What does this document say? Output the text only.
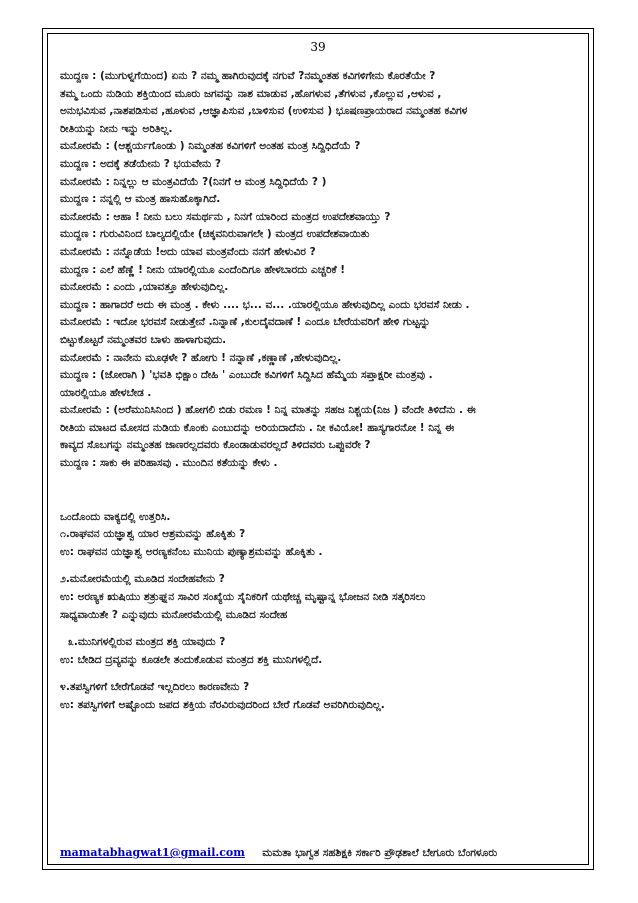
39
ಮುದ್ದಣ : (ಮುಗುಳ್ನಗೆಯಿಂದ) ಏನು ? ನಮ್ಮ ಹಾಗಿರುವುದಕ್ಕೆ ನಗುವೆ ?ನಮ್ಮಂತಹ ಕವಿಗಳಿಗೇನು ಕೊರತೆಯೇ ?
ತಮ್ಮ ಒಂದು ನುಡಿಯ ಶಕ್ತಿಯಿಂದ ಮೂರು ಜಗವನ್ನು ನಾಶ ಮಾಡುವ ,ಹೊಗಳುವ ,ತೆಗಳುವ ,ಕೊಲ್ಲುವ ,ಆಳುವ ,
ಅನುಭವಿಸುವ ,ನಾಶಪಡಿಸುವ ,ಹೂಳುವ ,ಆಜ್ಞಾಪಿಸುವ ,ಬಾಳಿಸುವ (ಉಳಿಸುವ ) ಭೂಷಣಪ್ರಾಯರಾದ ನಮ್ಮಂತಹ ಕವಿಗಳ
ರೀತಿಯನ್ನು ನೀನು ಇನ್ನು ಅರಿತಿಲ್ಲ.
ಮನೋರಮೆ : (ಆಶ್ಚರ್ಯಗೊಂಡು ) ನಿಮ್ಮಂತಹ ಕವಿಗಳಿಗೆ ಅಂತಹ ಮಂತ್ರ ಸಿದ್ದಿಧಿದೆಯೆ ?
ಮುದ್ದಣ : ಅದಕ್ಕೆ ತಡೆಯೇನು ? ಭಯವೇನು ?
ಮನೋರಮೆ : ನಿನ್ನಲ್ಲು ಆ ಮಂತ್ರವಿದೆಯೆ ?(ನಿನಗೆ ಆ ಮಂತ್ರ ಸಿದ್ದಿಧಿದೆಯೆ ? )
ಮುದ್ದಣ : ನನ್ನಲ್ಲಿ ಆ ಮಂತ್ರ ಹಾಸುಹೊಕ್ಕಾಗಿದೆ.
ಮನೋರಮೆ : ಆಹಾ ! ನೀನು ಬಲು ಸಮರ್ಥನು , ನಿನಗೆ ಯಾರಿಂದ ಮಂತ್ರದ ಉಪದೇಶವಾಯ್ತು ?
ಮುದ್ದಣ : ಗುರುವಿನಿಂದ ಬಾಲ್ಯದಲ್ಲಿಯೇ (ಚಿಕ್ಕವನಿರುವಾಗಲೇ ) ಮಂತ್ರದ ಉಪದೇಶವಾಯಿತು
ಮನೋರಮೆ : ನನ್ನೊಡೆಯ !ಅದು ಯಾವ ಮಂತ್ರವೆಂದು ನನಗೆ ಹೇಳುವಿರ ?
ಮುದ್ದಣ : ಎಲೆ ಹೆಣ್ಣೆ ! ನೀನು ಯಾರಲ್ಲಿಯೂ ಎಂದೆಂದಿಗೂ ಹೇಳಬಾರದು ಎಚ್ಚರಿಕೆ !
ಮನೋರಮೆ : ಎಂದು ,ಯಾವತ್ತೂ ಹೇಳುವುದಿಲ್ಲ.
ಮುದ್ದಣ : ಹಾಗಾದರೆ ಅದು ಈ ಮಂತ್ರ . ಕೇಳು .... ಭ... ವ... .ಯಾರಲ್ಲಿಯೂ ಹೇಳುವುದಿಲ್ಲ ಎಂದು ಭರವಸೆ ನೀಡು .
ಮನೋರಮೆ : ಇದೋ ಭರವಸೆ ನೀಡುತ್ತೇನೆ .ನಿನ್ನಾಣೆ ,ಕುಲದೈವದಾಣೆ ! ಎಂದೂ ಬೇರೆಯವರಿಗೆ ಹೇಳಿ ಗುಟ್ಟನ್ನು
ಬಿಟ್ಟುಕೊಟ್ಟರೆ ನಮ್ಮಂತವರ ಬಾಳು ಹಾಳಾಗುವುದು.
ಮನೋರಮೆ : ನಾನೇನು ಮೂಢಳೇ ? ಹೋಗು ! ನನ್ನಾಣೆ ,ಕಣ್ಣಾಣೆ ,ಹೇಳುವುದಿಲ್ಲ.
ಮುದ್ದಣ : (ಜೋರಾಗಿ ) 'ಭವತಿ ಭಿಕ್ಷಾಂ ದೇಹಿ ' ಎಂಬುದೇ ಕವಿಗಳಿಗೆ ಸಿದ್ದಿಸಿದ ಹೆಮ್ಮೆಯ ಸಪ್ತಾಕ್ಷರೀ ಮಂತ್ರವು .
ಯಾರಲ್ಲಿಯೂ ಹೇಳಬೇಡ .
ಮನೋರಮೆ : (ಅರೆಮುನಿಸಿನಿಂದ ) ಹೋಗಲಿ ಬಿಡು ರಮಣ ! ನಿನ್ನ ಮಾತನ್ನು ಸಹಜ ನಿಶ್ಚಯ(ನಿಜ ) ವೆಂದೇ ತಿಳಿದೆನು . ಈ
ರೀತಿಯ ಮಾಟದ ಮೋಸದ ನುಡಿಯ ಕೊಂಕು ಎಂಬುದನ್ನು ಅರಿಯದಾದೆನು . ನೀ ಕವಿಯೋ! ಹಾಸ್ಯಗಾರನೋ ! ನಿನ್ನ ಈ
ಕಾವ್ಯದ ಸೊಬಗನ್ನು ನಮ್ಮಂತಹ ಜಾಣರಲ್ಲದವರು ಕೊಂಡಾಡುವರಲ್ಲದೆ ತಿಳಿದವರು ಒಪ್ಪುವರೇ ?
ಮುದ್ದಣ : ಸಾಕು ಈ ಪರಿಹಾಸವು . ಮುಂದಿನ ಕತೆಯನ್ನು ಕೇಳು .
ಒಂದೊಂದು ವಾಕ್ಯದಲ್ಲಿ ಉತ್ತರಿಸಿ.
೧.ರಾಘವನ ಯಜ್ಞಾಶ್ವ ಯಾರ ಆಶ್ರಮವನ್ನು ಹೊಕ್ಕಿತು ?
ಉ: ರಾಘವನ ಯಜ್ಞಾಶ್ವ ಅರಣ್ಯಕನೆಂಬ ಮುನಿಯ ಪುಣ್ಯಾಶ್ರಮವನ್ನು ಹೊಕ್ಕಿತು .
೨.ಮನೋರಮೆಯಲ್ಲಿ ಮೂಡಿದ ಸಂದೇಹವೇನು ?
ಉ: ಅರಣ್ಯಕ ಋಷಿಯು ಶತ್ರುಘ್ನನ ಸಾವಿರ ಸಂಖ್ಯೆಯ ಸೈನಿಕರಿಗೆ ಯಥೇಚ್ಚ ಮೃಷ್ಟಾನ್ನ ಭೋಜನ ನೀಡಿ ಸತ್ಕರಿಸಲು
ಸಾಧ್ಯವಾಯಿತೇ ? ಎನ್ನುವುದು ಮನೋರಮೆಯಲ್ಲಿ ಮೂಡಿದ ಸಂದೇಹ
೩.ಮುನಿಗಳಲ್ಲಿರುವ ಮಂತ್ರದ ಶಕ್ತಿ ಯಾವುದು ?
ಉ: ಬೇಡಿದ ದ್ರವ್ಯವನ್ನು ಕೂಡಲೇ ತಂದುಕೊಡುವ ಮಂತ್ರದ ಶಕ್ತಿ ಮುನಿಗಳಲ್ಲಿದೆ.
೪.ತಪಸ್ವಿಗಳಿಗೆ ಬೇರೆಗೊಡವೆ ಇಲ್ಲದಿರಲು ಕಾರಣವೇನು ?
ಉ: ತಪಸ್ವಿಗಳಿಗೆ ಅಷ್ಟೊಂದು ಜಪದ ಶಕ್ತಿಯ ನೆರವಿರುವುದರಿಂದ ಬೇರೆ ಗೊಡವೆ ಅವರಿಗಿರುವುದಿಲ್ಲ.
mamatabhagwat1@gmail.com ಮಮತಾ ಭಾಗ್ವತ ಸಹಶಿಕ್ಷಕಿ ಸರ್ಕಾರಿ ಪ್ರೌಢಶಾಲೆ ಬೇಗೂರು ಬೆಂಗಳೂರು
